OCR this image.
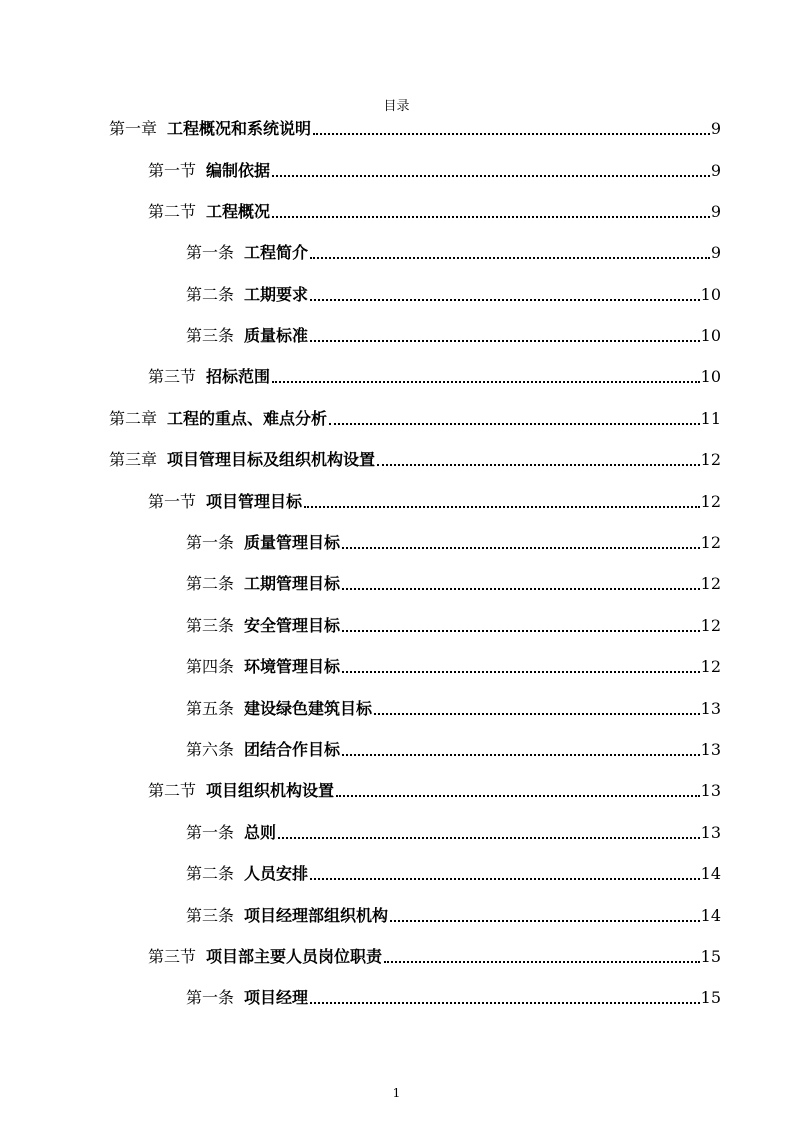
目录
第一章 工程概况和系统说明	9
第一节 编制依据	9
第二节 工程概况	9
第一条 工程简介	9
第二条 工期要求	10
第三条 质量标准	10
第三节 招标范围	10
第二章 工程的重点、难点分析	11
第三章 项目管理目标及组织机构设置	12
第一节 项目管理目标	12
第一条 质量管理目标	12
第二条 工期管理目标	12
第三条 安全管理目标	12
第四条 环境管理目标	12
第五条 建设绿色建筑目标	13
第六条 团结合作目标	13
第二节 项目组织机构设置	13
第一条 总则	13
第二条 人员安排	14
第三条 项目经理部组织机构	14
第三节 项目部主要人员岗位职责	15
第一条 项目经理	15
1
